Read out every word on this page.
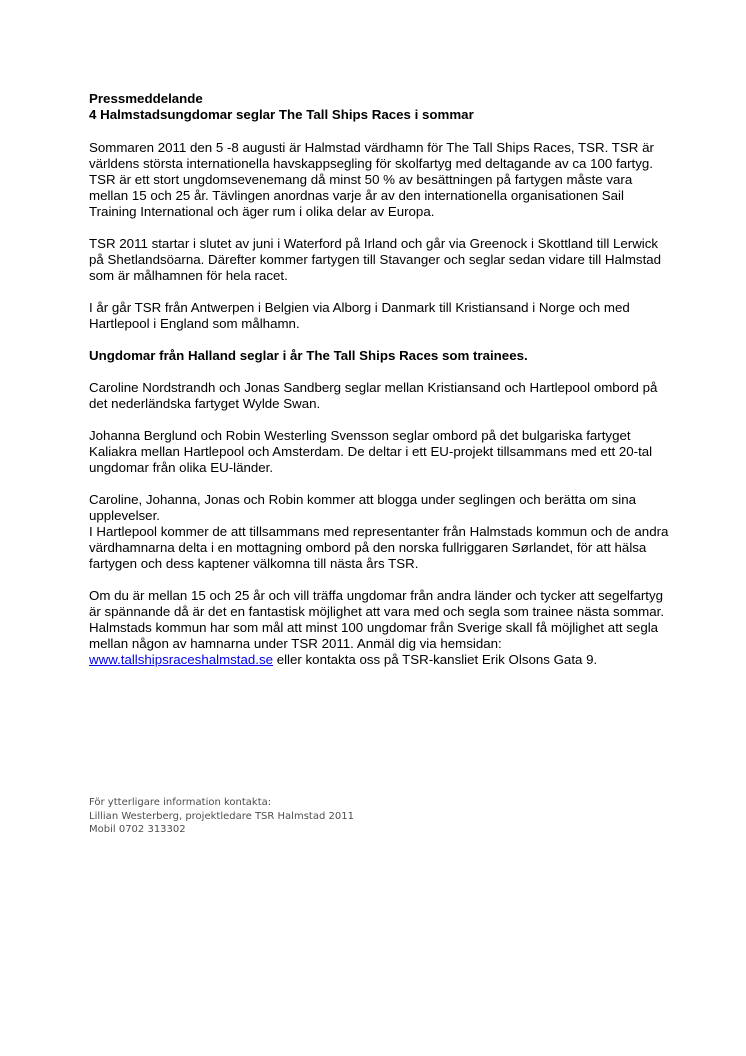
Pressmeddelande

4 Halmstadsungdomar seglar The Tall Ships Races i sommar

Sommaren 2011 den 5 -8 augusti är Halmstad värdhamn för The Tall Ships Races, TSR. TSR är världens största internationella havskappsegling för skolfartyg med deltagande av ca 100 fartyg. TSR är ett stort ungdomsevenemang då minst 50 % av besättningen på fartygen måste vara mellan 15 och 25 år. Tävlingen anordnas varje år av den internationella organisationen Sail Training International och äger rum i olika delar av Europa.

TSR 2011 startar i slutet av juni i Waterford på Irland och går via Greenock i Skottland till Lerwick på Shetlandsöarna. Därefter kommer fartygen till Stavanger och seglar sedan vidare till Halmstad som är målhamnen för hela racet.

I år går TSR från Antwerpen i Belgien via Alborg i Danmark till Kristiansand i Norge och med Hartlepool i England som målhamn.

Ungdomar från Halland seglar i år The Tall Ships Races som trainees.

Caroline Nordstrandh och Jonas Sandberg seglar mellan Kristiansand och Hartlepool ombord på det nederländska fartyget Wylde Swan.

Johanna Berglund och Robin Westerling Svensson seglar ombord på det bulgariska fartyget Kaliakra mellan Hartlepool och Amsterdam. De deltar i ett EU-projekt tillsammans med ett 20-tal ungdomar från olika EU-länder.

Caroline, Johanna, Jonas och Robin kommer att blogga under seglingen och berätta om sina upplevelser.

I Hartlepool kommer de att tillsammans med representanter från Halmstads kommun och de andra värdhamnarna delta i en mottagning ombord på den norska fullriggaren Sørlandet, för att hälsa fartygen och dess kaptener välkomna till nästa års TSR.

Om du är mellan 15 och 25 år och vill träffa ungdomar från andra länder och tycker att segelfartyg är spännande då är det en fantastisk möjlighet att vara med och segla som trainee nästa sommar. Halmstads kommun har som mål att minst 100 ungdomar från Sverige skall få möjlighet att segla mellan någon av hamnarna under TSR 2011. Anmäl dig via hemsidan: www.tallshipsraceshalmstad.se eller kontakta oss på TSR-kansliet Erik Olsons Gata 9.

För ytterligare information kontakta:
Lillian Westerberg, projektledare TSR Halmstad 2011
Mobil 0702 313302
